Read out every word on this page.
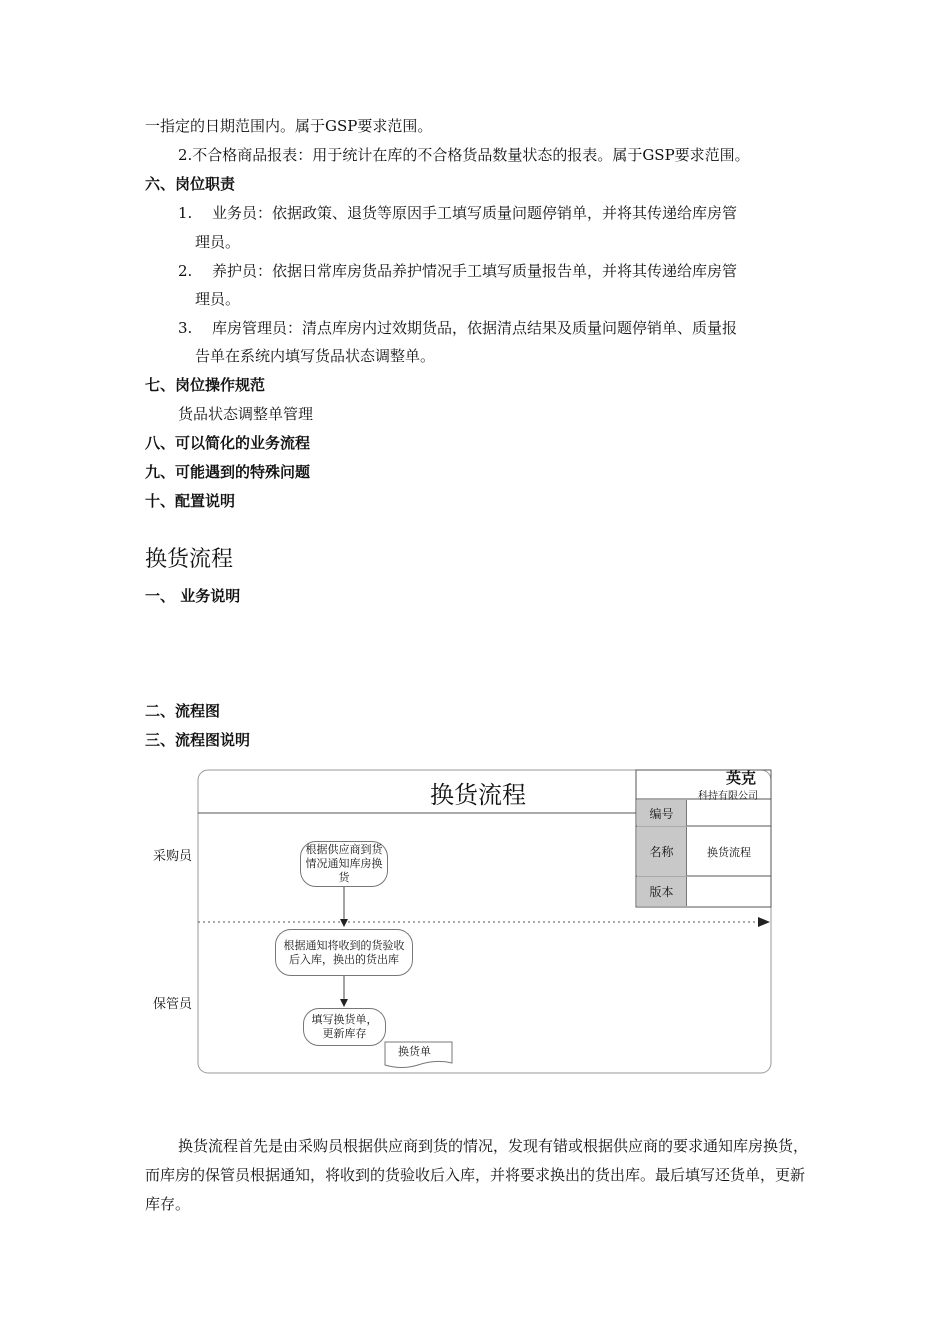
一指定的日期范围内。属于GSP要求范围。
2.不合格商品报表：用于统计在库的不合格货品数量状态的报表。属于GSP要求范围。
六、岗位职责
1. 业务员：依据政策、退货等原因手工填写质量问题停销单，并将其传递给库房管
理员。
2. 养护员：依据日常库房货品养护情况手工填写质量报告单，并将其传递给库房管
理员。
3. 库房管理员：清点库房内过效期货品，依据清点结果及质量问题停销单、质量报
告单在系统内填写货品状态调整单。
七、岗位操作规范
货品状态调整单管理
八、可以简化的业务流程
九、可能遇到的特殊问题
十、配置说明
换货流程
一、 业务说明
二、流程图
三、流程图说明
换货流程
英克
科持有限公司
编号
名称	换货流程
版本
采购员
保管员
根据供应商到货情况通知库房换货
根据通知将收到的货验收后入库，换出的货出库
填写换货单，更新库存
换货单
换货流程首先是由采购员根据供应商到货的情况，发现有错或根据供应商的要求通知库房换货，而库房的保管员根据通知，将收到的货验收后入库，并将要求换出的货出库。最后填写还货单，更新库存。
